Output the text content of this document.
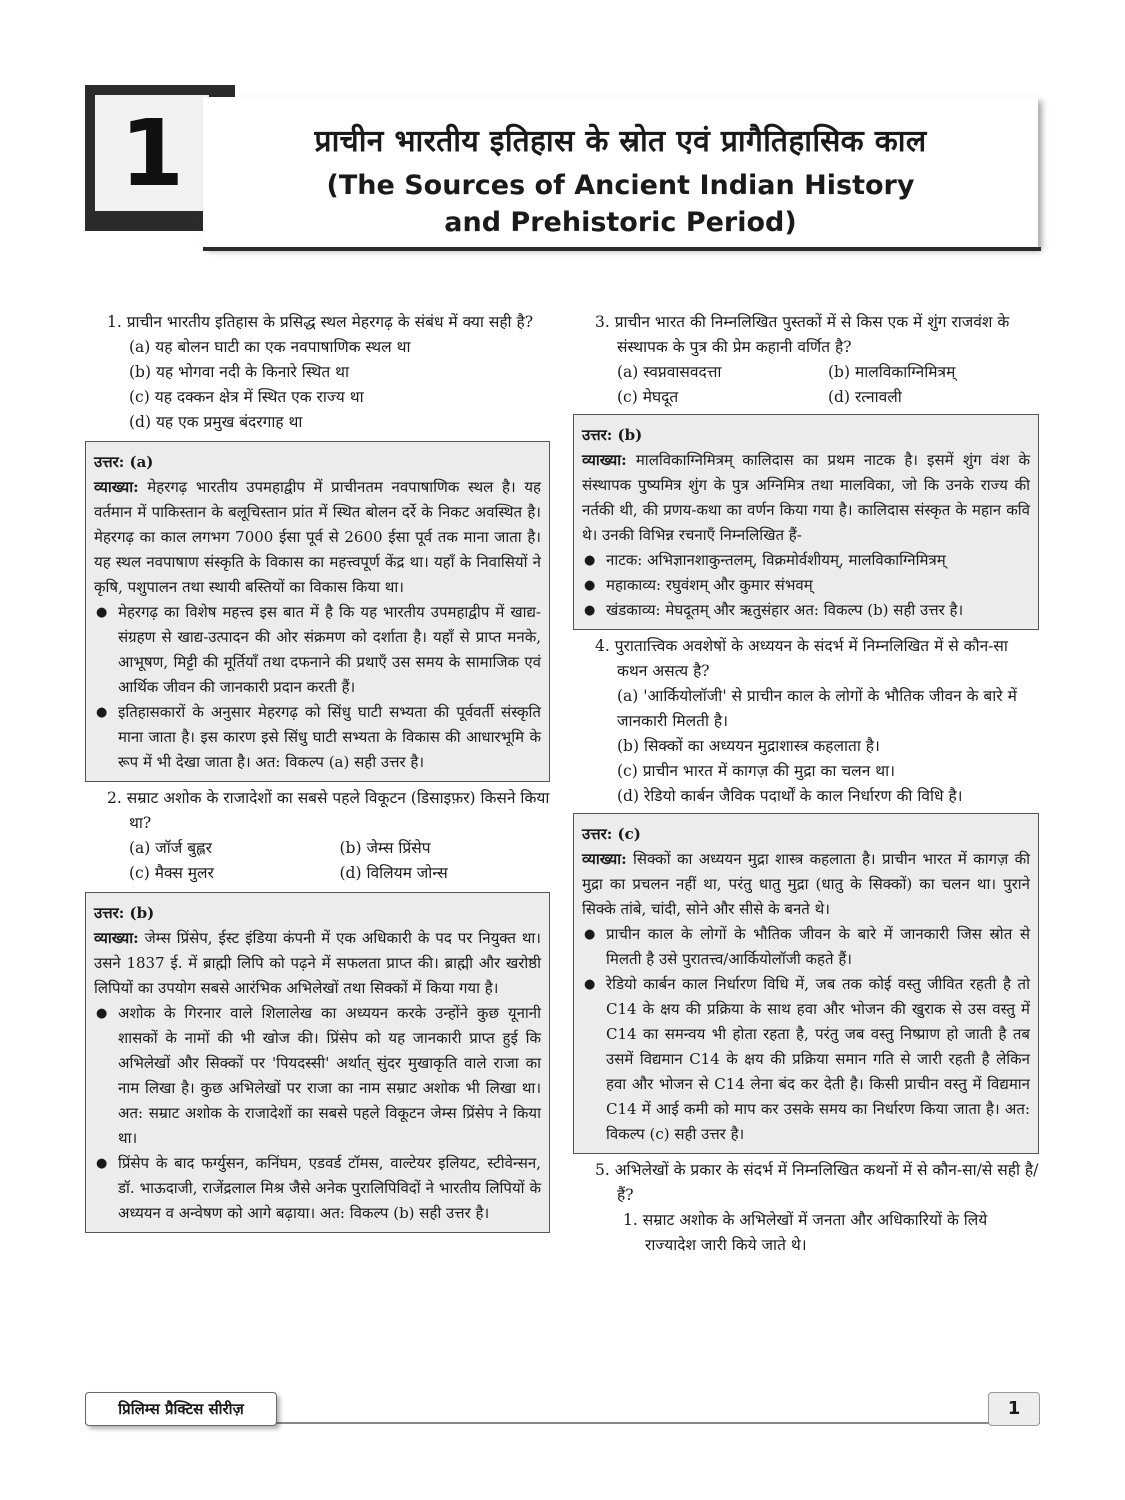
1	प्राचीन भारतीय इतिहास के स्रोत एवं प्रागैतिहासिक काल
(The Sources of Ancient Indian History
and Prehistoric Period)
1. प्राचीन भारतीय इतिहास के प्रसिद्ध स्थल मेहरगढ़ के संबंध में क्या सही है?
(a) यह बोलन घाटी का एक नवपाषाणिक स्थल था
(b) यह भोगवा नदी के किनारे स्थित था
(c) यह दक्कन क्षेत्र में स्थित एक राज्य था
(d) यह एक प्रमुख बंदरगाह था
उत्तर: (a)
व्याख्या: मेहरगढ़ भारतीय उपमहाद्वीप में प्राचीनतम नवपाषाणिक स्थल है। यह वर्तमान में पाकिस्तान के बलूचिस्तान प्रांत में स्थित बोलन दर्रे के निकट अवस्थित है। मेहरगढ़ का काल लगभग 7000 ईसा पूर्व से 2600 ईसा पूर्व तक माना जाता है। यह स्थल नवपाषाण संस्कृति के विकास का महत्त्वपूर्ण केंद्र था। यहाँ के निवासियों ने कृषि, पशुपालन तथा स्थायी बस्तियों का विकास किया था।
● मेहरगढ़ का विशेष महत्त्व इस बात में है कि यह भारतीय उपमहाद्वीप में खाद्य-संग्रहण से खाद्य-उत्पादन की ओर संक्रमण को दर्शाता है। यहाँ से प्राप्त मनके, आभूषण, मिट्टी की मूर्तियाँ तथा दफनाने की प्रथाएँ उस समय के सामाजिक एवं आर्थिक जीवन की जानकारी प्रदान करती हैं।
● इतिहासकारों के अनुसार मेहरगढ़ को सिंधु घाटी सभ्यता की पूर्ववर्ती संस्कृति माना जाता है। इस कारण इसे सिंधु घाटी सभ्यता के विकास की आधारभूमि के रूप में भी देखा जाता है। अत: विकल्प (a) सही उत्तर है।
2. सम्राट अशोक के राजादेशों का सबसे पहले विकूटन (डिसाइफ़र) किसने किया था?
(a) जॉर्ज बुह्लर	(b) जेम्स प्रिंसेप
(c) मैक्स मुलर	(d) विलियम जोन्स
उत्तर: (b)
व्याख्या: जेम्स प्रिंसेप, ईस्ट इंडिया कंपनी में एक अधिकारी के पद पर नियुक्त था। उसने 1837 ई. में ब्राह्मी लिपि को पढ़ने में सफलता प्राप्त की। ब्राह्मी और खरोष्ठी लिपियों का उपयोग सबसे आरंभिक अभिलेखों तथा सिक्कों में किया गया है।
● अशोक के गिरनार वाले शिलालेख का अध्ययन करके उन्होंने कुछ यूनानी शासकों के नामों की भी खोज की। प्रिंसेप को यह जानकारी प्राप्त हुई कि अभिलेखों और सिक्कों पर 'पियदस्सी' अर्थात् सुंदर मुखाकृति वाले राजा का नाम लिखा है। कुछ अभिलेखों पर राजा का नाम सम्राट अशोक भी लिखा था। अत: सम्राट अशोक के राजादेशों का सबसे पहले विकूटन जेम्स प्रिंसेप ने किया था।
● प्रिंसेप के बाद फर्ग्युसन, कनिंघम, एडवर्ड टॉमस, वाल्टेयर इलियट, स्टीवेन्सन, डॉ. भाऊदाजी, राजेंद्रलाल मिश्र जैसे अनेक पुरालिपिविदों ने भारतीय लिपियों के अध्ययन व अन्वेषण को आगे बढ़ाया। अत: विकल्प (b) सही उत्तर है।
3. प्राचीन भारत की निम्नलिखित पुस्तकों में से किस एक में शुंग राजवंश के संस्थापक के पुत्र की प्रेम कहानी वर्णित है?
(a) स्वप्नवासवदत्ता	(b) मालविकाग्निमित्रम्
(c) मेघदूत	(d) रत्नावली
उत्तर: (b)
व्याख्या: मालविकाग्निमित्रम् कालिदास का प्रथम नाटक है। इसमें शुंग वंश के संस्थापक पुष्यमित्र शुंग के पुत्र अग्निमित्र तथा मालविका, जो कि उनके राज्य की नर्तकी थी, की प्रणय-कथा का वर्णन किया गया है। कालिदास संस्कृत के महान कवि थे। उनकी विभिन्न रचनाएँ निम्नलिखित हैं-
● नाटक: अभिज्ञानशाकुन्तलम्, विक्रमोर्वशीयम्, मालविकाग्निमित्रम्
● महाकाव्य: रघुवंशम् और कुमार संभवम्
● खंडकाव्य: मेघदूतम् और ऋतुसंहार अत: विकल्प (b) सही उत्तर है।
4. पुरातात्त्विक अवशेषों के अध्ययन के संदर्भ में निम्नलिखित में से कौन-सा कथन असत्य है?
(a) 'आर्कियोलॉजी' से प्राचीन काल के लोगों के भौतिक जीवन के बारे में जानकारी मिलती है।
(b) सिक्कों का अध्ययन मुद्राशास्त्र कहलाता है।
(c) प्राचीन भारत में कागज़ की मुद्रा का चलन था।
(d) रेडियो कार्बन जैविक पदार्थों के काल निर्धारण की विधि है।
उत्तर: (c)
व्याख्या: सिक्कों का अध्ययन मुद्रा शास्त्र कहलाता है। प्राचीन भारत में कागज़ की मुद्रा का प्रचलन नहीं था, परंतु धातु मुद्रा (धातु के सिक्कों) का चलन था। पुराने सिक्के तांबे, चांदी, सोने और सीसे के बनते थे।
● प्राचीन काल के लोगों के भौतिक जीवन के बारे में जानकारी जिस स्रोत से मिलती है उसे पुरातत्त्व/आर्कियोलॉजी कहते हैं।
● रेडियो कार्बन काल निर्धारण विधि में, जब तक कोई वस्तु जीवित रहती है तो C14 के क्षय की प्रक्रिया के साथ हवा और भोजन की खुराक से उस वस्तु में C14 का समन्वय भी होता रहता है, परंतु जब वस्तु निष्प्राण हो जाती है तब उसमें विद्यमान C14 के क्षय की प्रक्रिया समान गति से जारी रहती है लेकिन हवा और भोजन से C14 लेना बंद कर देती है। किसी प्राचीन वस्तु में विद्यमान C14 में आई कमी को माप कर उसके समय का निर्धारण किया जाता है। अत: विकल्प (c) सही उत्तर है।
5. अभिलेखों के प्रकार के संदर्भ में निम्नलिखित कथनों में से कौन-सा/से सही है/हैं?
1. सम्राट अशोक के अभिलेखों में जनता और अधिकारियों के लिये राज्यादेश जारी किये जाते थे।
प्रिलिम्स प्रैक्टिस सीरीज़	1
